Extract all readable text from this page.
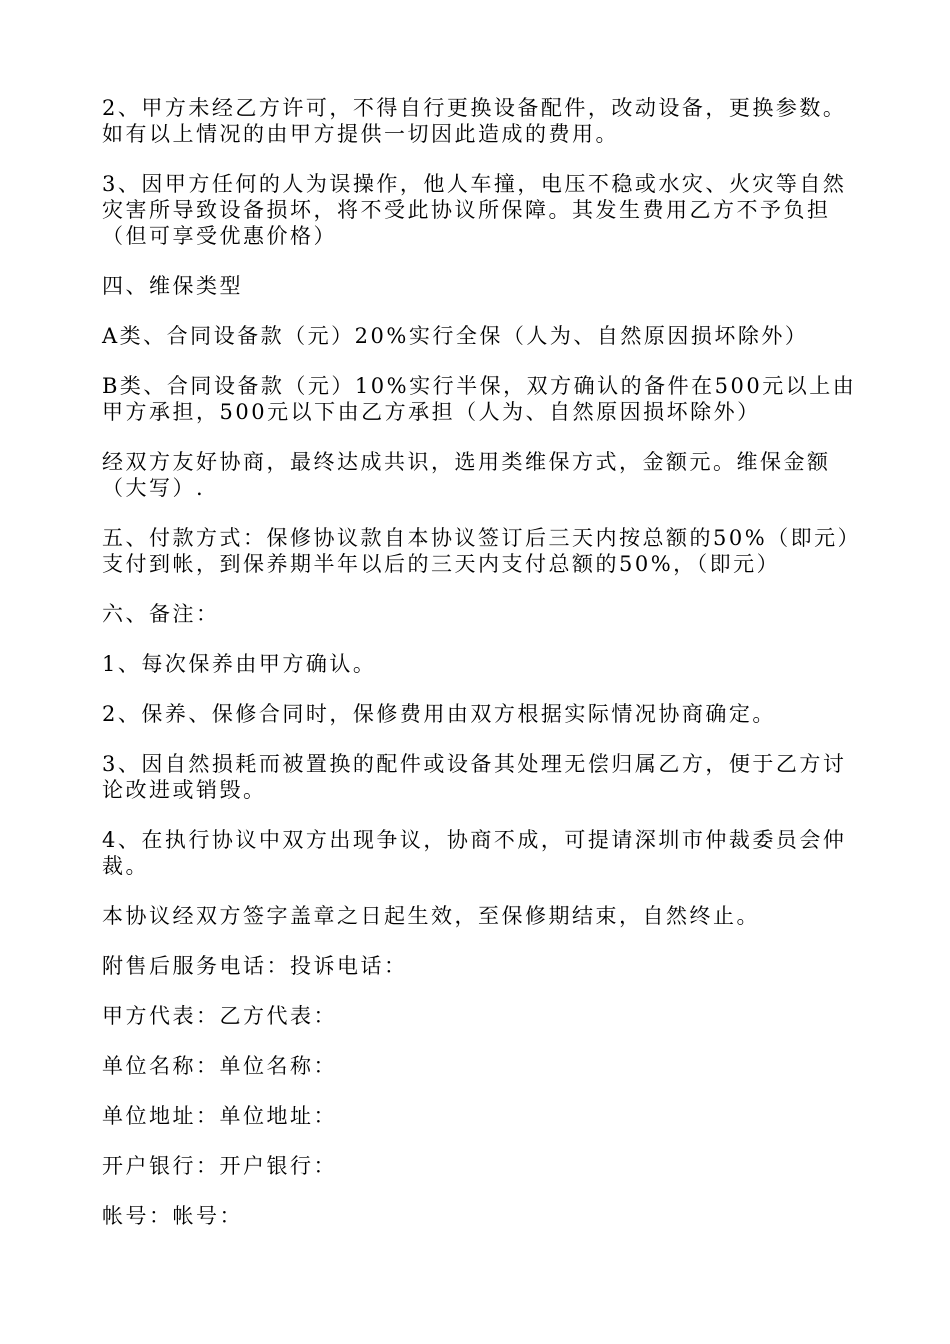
2、甲方未经乙方许可，不得自行更换设备配件，改动设备，更换参数。如有以上情况的由甲方提供一切因此造成的费用。

3、因甲方任何的人为误操作，他人车撞，电压不稳或水灾、火灾等自然灾害所导致设备损坏，将不受此协议所保障。其发生费用乙方不予负担（但可享受优惠价格）

四、维保类型

A类、合同设备款（元）20%实行全保（人为、自然原因损坏除外）

B类、合同设备款（元）10%实行半保，双方确认的备件在500元以上由甲方承担，500元以下由乙方承担（人为、自然原因损坏除外）

经双方友好协商，最终达成共识，选用类维保方式，金额元。维保金额（大写）.

五、付款方式：保修协议款自本协议签订后三天内按总额的50%（即元）支付到帐，到保养期半年以后的三天内支付总额的50%，（即元）

六、备注：

1、每次保养由甲方确认。

2、保养、保修合同时，保修费用由双方根据实际情况协商确定。

3、因自然损耗而被置换的配件或设备其处理无偿归属乙方，便于乙方讨论改进或销毁。

4、在执行协议中双方出现争议，协商不成，可提请深圳市仲裁委员会仲裁。

本协议经双方签字盖章之日起生效，至保修期结束，自然终止。

附售后服务电话：投诉电话：

甲方代表：乙方代表：

单位名称：单位名称：

单位地址：单位地址：

开户银行：开户银行：

帐号：帐号：
